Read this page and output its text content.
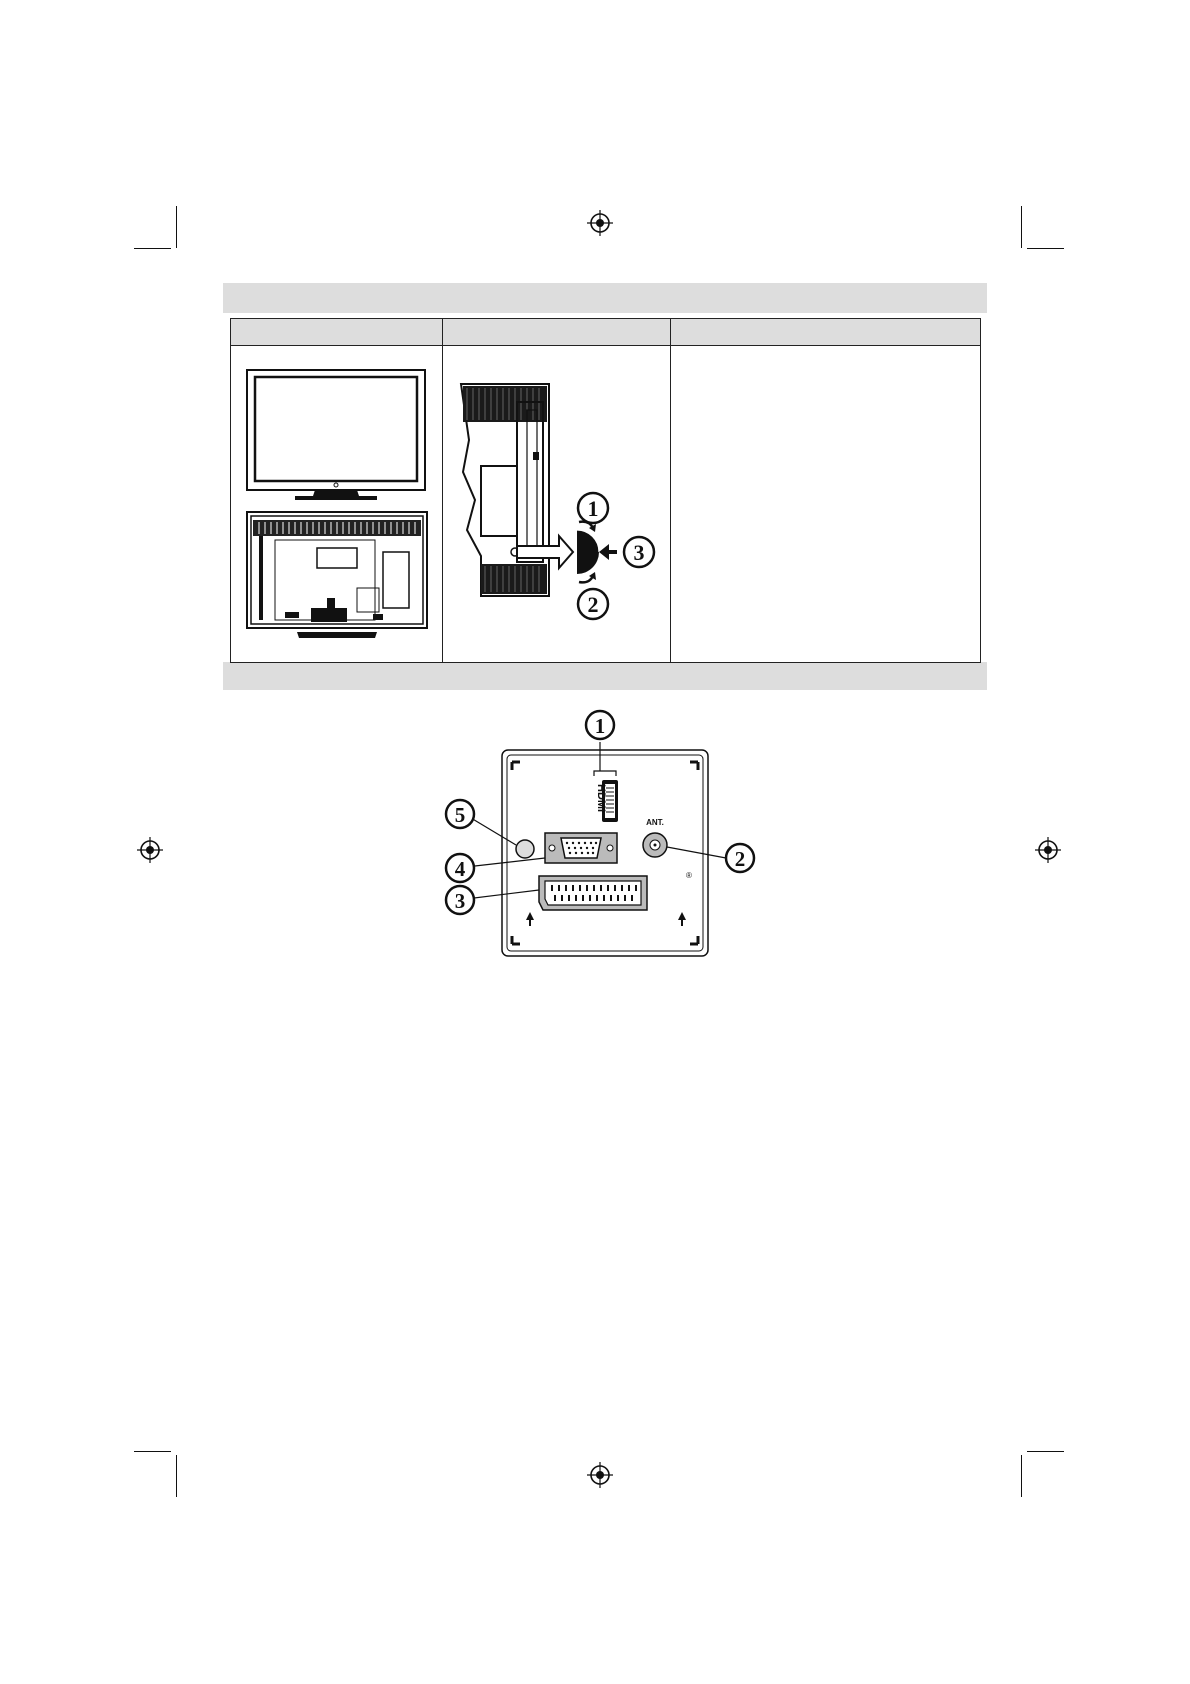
1
3
2	

HDMI
ANT.
®
1
5
4
3
2
